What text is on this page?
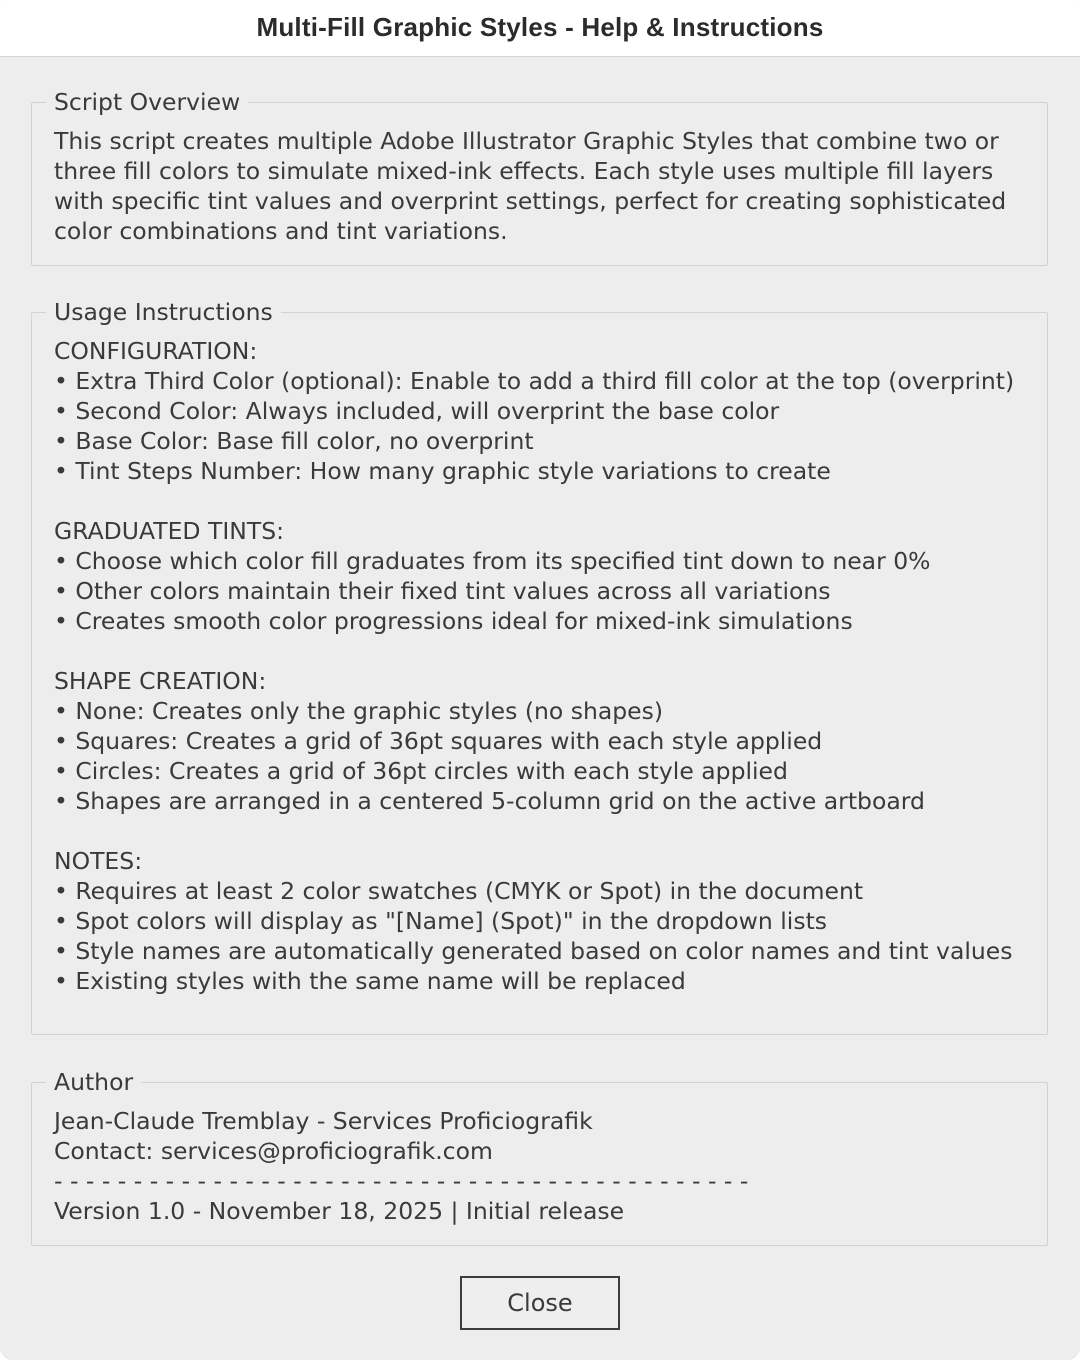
Multi-Fill Graphic Styles - Help & Instructions
Script Overview
This script creates multiple Adobe Illustrator Graphic Styles that combine two or
three fill colors to simulate mixed-ink effects. Each style uses multiple fill layers
with specific tint values and overprint settings, perfect for creating sophisticated
color combinations and tint variations.
Usage Instructions
CONFIGURATION:
• Extra Third Color (optional): Enable to add a third fill color at the top (overprint)
• Second Color: Always included, will overprint the base color
• Base Color: Base fill color, no overprint
• Tint Steps Number: How many graphic style variations to create
GRADUATED TINTS:
• Choose which color fill graduates from its specified tint down to near 0%
• Other colors maintain their fixed tint values across all variations
• Creates smooth color progressions ideal for mixed-ink simulations
SHAPE CREATION:
• None: Creates only the graphic styles (no shapes)
• Squares: Creates a grid of 36pt squares with each style applied
• Circles: Creates a grid of 36pt circles with each style applied
• Shapes are arranged in a centered 5-column grid on the active artboard
NOTES:
• Requires at least 2 color swatches (CMYK or Spot) in the document
• Spot colors will display as "[Name] (Spot)" in the dropdown lists
• Style names are automatically generated based on color names and tint values
• Existing styles with the same name will be replaced
Author
Jean-Claude Tremblay - Services Proficiografik
Contact: services@proficiografik.com
- - - - - - - - - - - - - - - - - - - - - - - - - - - - - - - - - - - - - - - - - - - -
Version 1.0 - November 18, 2025 | Initial release
Close
